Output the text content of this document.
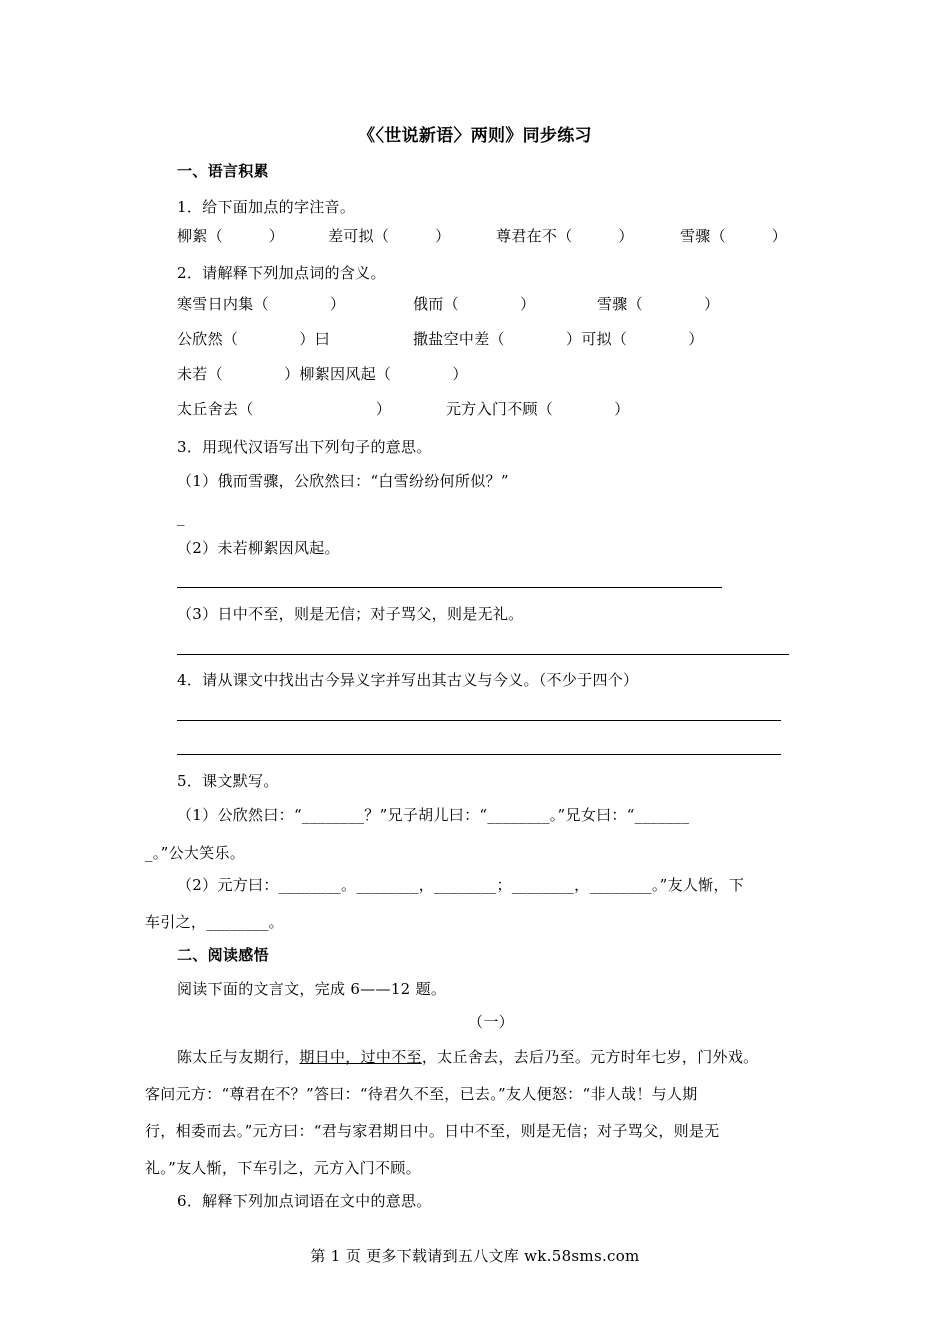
《〈世说新语〉两则》同步练习
一、语言积累
1．给下面加点的字注音。
柳絮（　　　）	差可拟（　　　）	尊君在不（　　　）	雪骤（　　　）
2．请解释下列加点词的含义。
寒雪日内集（　　　　）	俄而（　　　　）	雪骤（　　　　）
公欣然（　　　　）曰	撒盐空中差（　　　　）可拟（　　　　）
未若（　　　　）柳絮因风起（　　　　）
太丘舍去（　　　　　　　　）	元方入门不顾（　　　　）
3．用现代汉语写出下列句子的意思。
（1）俄而雪骤，公欣然曰：“白雪纷纷何所似？”
_
（2）未若柳絮因风起。
（3）日中不至，则是无信；对子骂父，则是无礼。
4．请从课文中找出古今异义字并写出其古义与今义。（不少于四个）
5．课文默写。
（1）公欣然曰：“________？”兄子胡儿曰：“________。”兄女曰：“_______
_。”公大笑乐。
（2）元方曰：________。________，________；________，________。”友人惭，下
车引之，________。
二、阅读感悟
阅读下面的文言文，完成 6——12 题。
（一）
陈太丘与友期行，期日中，过中不至，太丘舍去，去后乃至。元方时年七岁，门外戏。
客问元方：“尊君在不？”答曰：“待君久不至，已去。”友人便怒：“非人哉！与人期
行，相委而去。”元方曰：“君与家君期日中。日中不至，则是无信；对子骂父，则是无
礼。”友人惭，下车引之，元方入门不顾。
6．解释下列加点词语在文中的意思。
第 1 页 更多下载请到五八文库 wk.58sms.com
